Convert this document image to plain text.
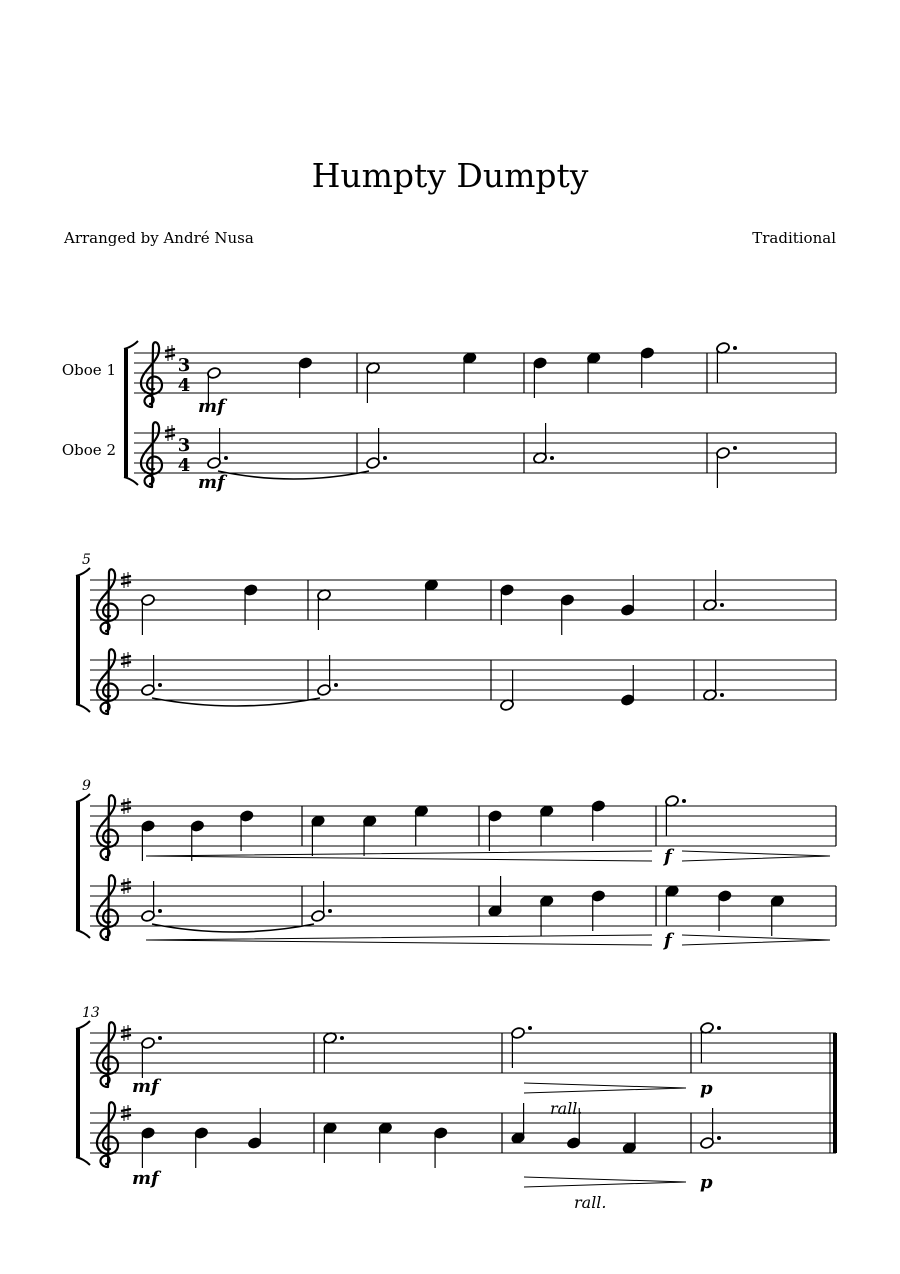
Humpty Dumpty
Arranged by André Nusa	Traditional
3
4
3
4
Oboe 1
Oboe 2
5
9
13
mf
mf
f
f
mf
mf
rall.
p
rall.
p
